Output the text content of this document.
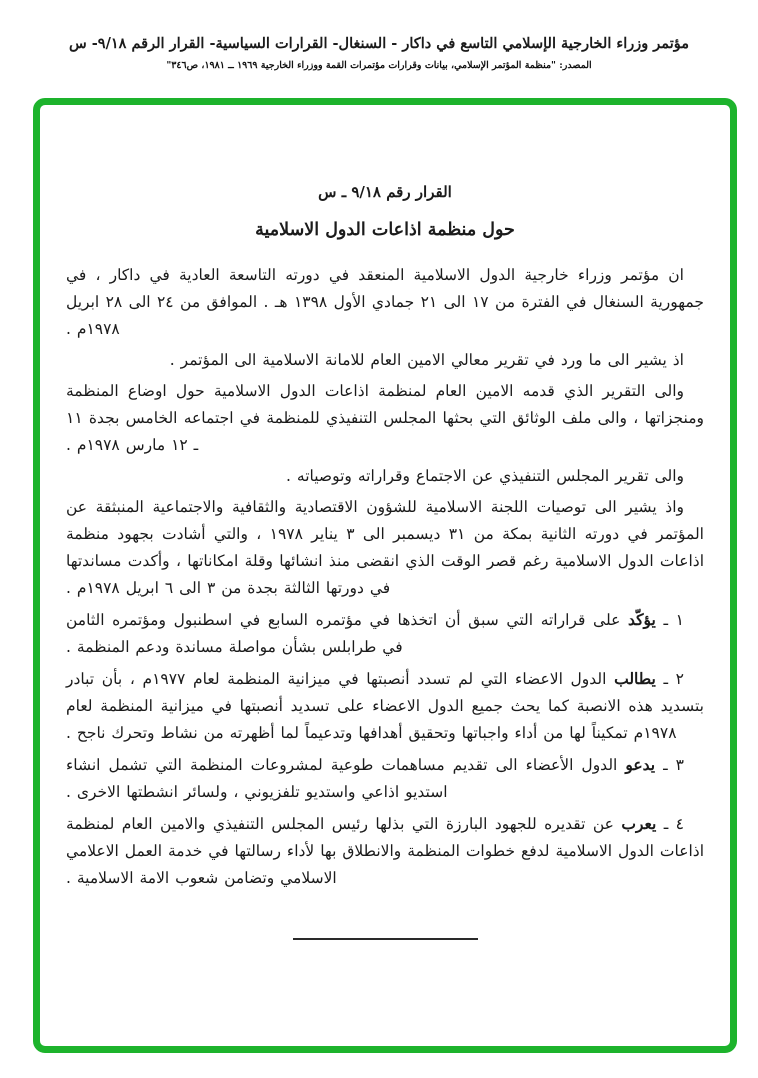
مؤتمر وزراء الخارجية الإسلامي التاسع في داكار - السنغال- القرارات السياسية- القرار الرقم ٩/١٨- س
المصدر: "منظمة المؤتمر الإسلامي، بيانات وقرارات مؤتمرات القمة ووزراء الخارجية ١٩٦٩ ــ ١٩٨١، ص٣٤٦"
القرار رقم ٩/١٨ ـ س
حول منظمة اذاعات الدول الاسلامية

ان مؤتمر وزراء خارجية الدول الاسلامية المنعقد في دورته التاسعة العادية في داكار ، في جمهورية السنغال في الفترة من ١٧ الى ٢١ جمادي الأول ١٣٩٨ هـ . الموافق من ٢٤ الى ٢٨ ابريل ١٩٧٨م .

اذ يشير الى ما ورد في تقرير معالي الامين العام للامانة الاسلامية الى المؤتمر .

والى التقرير الذي قدمه الامين العام لمنظمة اذاعات الدول الاسلامية حول اوضاع المنظمة ومنجزاتها ، والى ملف الوثائق التي بحثها المجلس التنفيذي للمنظمة في اجتماعه الخامس بجدة ١١ ـ ١٢ مارس ١٩٧٨م .

والى تقرير المجلس التنفيذي عن الاجتماع وقراراته وتوصياته .

واذ يشير الى توصيات اللجنة الاسلامية للشؤون الاقتصادية والثقافية والاجتماعية المنبثقة عن المؤتمر في دورته الثانية بمكة من ٣١ ديسمبر الى ٣ يناير ١٩٧٨ ، والتي أشادت بجهود منظمة اذاعات الدول الاسلامية رغم قصر الوقت الذي انقضى منذ انشائها وقلة امكاناتها ، وأكدت مساندتها في دورتها الثالثة بجدة من ٣ الى ٦ ابريل ١٩٧٨م .

١ ـ يؤكّد على قراراته التي سبق أن اتخذها في مؤتمره السابع في اسطنبول ومؤتمره الثامن في طرابلس بشأن مواصلة مساندة ودعم المنظمة .

٢ ـ يطالب الدول الاعضاء التي لم تسدد أنصبتها في ميزانية المنظمة لعام ١٩٧٧م ، بأن تبادر بتسديد هذه الانصبة كما يحث جميع الدول الاعضاء على تسديد أنصبتها في ميزانية المنظمة لعام ١٩٧٨م تمكيناً لها من أداء واجباتها وتحقيق أهدافها وتدعيماً لما أظهرته من نشاط وتحرك ناجح .

٣ ـ يدعو الدول الأعضاء الى تقديم مساهمات طوعية لمشروعات المنظمة التي تشمل انشاء استديو اذاعي واستديو تلفزيوني ، ولسائر انشطتها الاخرى .

٤ ـ يعرب عن تقديره للجهود البارزة التي بذلها رئيس المجلس التنفيذي والامين العام لمنظمة اذاعات الدول الاسلامية لدفع خطوات المنظمة والانطلاق بها لأداء رسالتها في خدمة العمل الاعلامي الاسلامي وتضامن شعوب الامة الاسلامية .
